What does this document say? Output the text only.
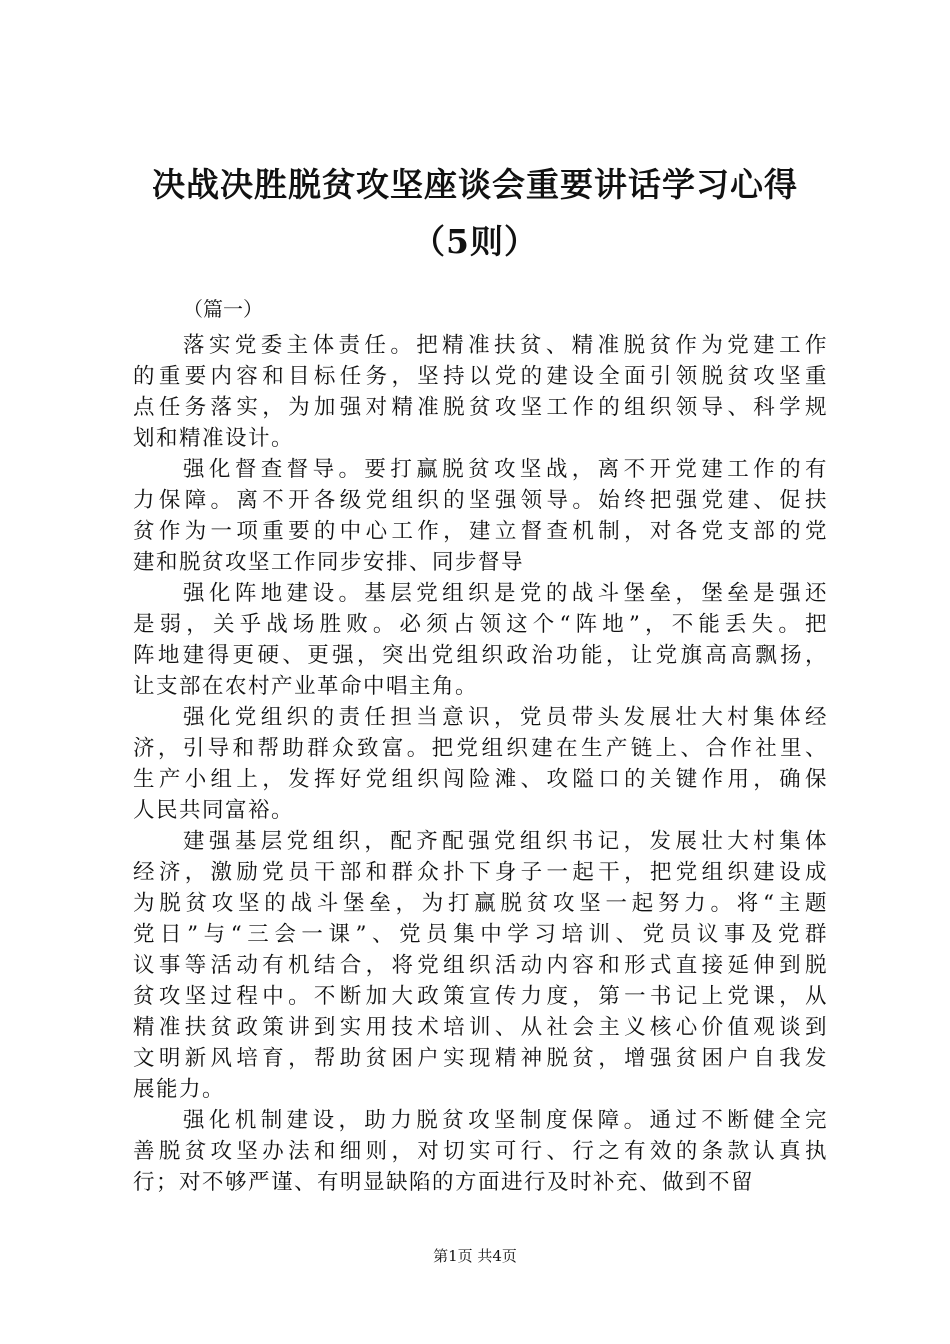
决战决胜脱贫攻坚座谈会重要讲话学习心得
（5则）
（篇一）
落实党委主体责任。把精准扶贫、精准脱贫作为党建工作
的重要内容和目标任务，坚持以党的建设全面引领脱贫攻坚重
点任务落实，为加强对精准脱贫攻坚工作的组织领导、科学规
划和精准设计。
强化督查督导。要打赢脱贫攻坚战，离不开党建工作的有
力保障。离不开各级党组织的坚强领导。始终把强党建、促扶
贫作为一项重要的中心工作，建立督查机制，对各党支部的党
建和脱贫攻坚工作同步安排、同步督导
强化阵地建设。基层党组织是党的战斗堡垒，堡垒是强还
是弱，关乎战场胜败。必须占领这个“阵地”，不能丢失。把
阵地建得更硬、更强，突出党组织政治功能，让党旗高高飘扬，
让支部在农村产业革命中唱主角。
强化党组织的责任担当意识，党员带头发展壮大村集体经
济，引导和帮助群众致富。把党组织建在生产链上、合作社里、
生产小组上，发挥好党组织闯险滩、攻隘口的关键作用，确保
人民共同富裕。
建强基层党组织，配齐配强党组织书记，发展壮大村集体
经济，激励党员干部和群众扑下身子一起干，把党组织建设成
为脱贫攻坚的战斗堡垒，为打赢脱贫攻坚一起努力。将“主题
党日”与“三会一课”、党员集中学习培训、党员议事及党群
议事等活动有机结合，将党组织活动内容和形式直接延伸到脱
贫攻坚过程中。不断加大政策宣传力度，第一书记上党课，从
精准扶贫政策讲到实用技术培训、从社会主义核心价值观谈到
文明新风培育，帮助贫困户实现精神脱贫，增强贫困户自我发
展能力。
强化机制建设，助力脱贫攻坚制度保障。通过不断健全完
善脱贫攻坚办法和细则，对切实可行、行之有效的条款认真执
行；对不够严谨、有明显缺陷的方面进行及时补充、做到不留
第1页 共4页
